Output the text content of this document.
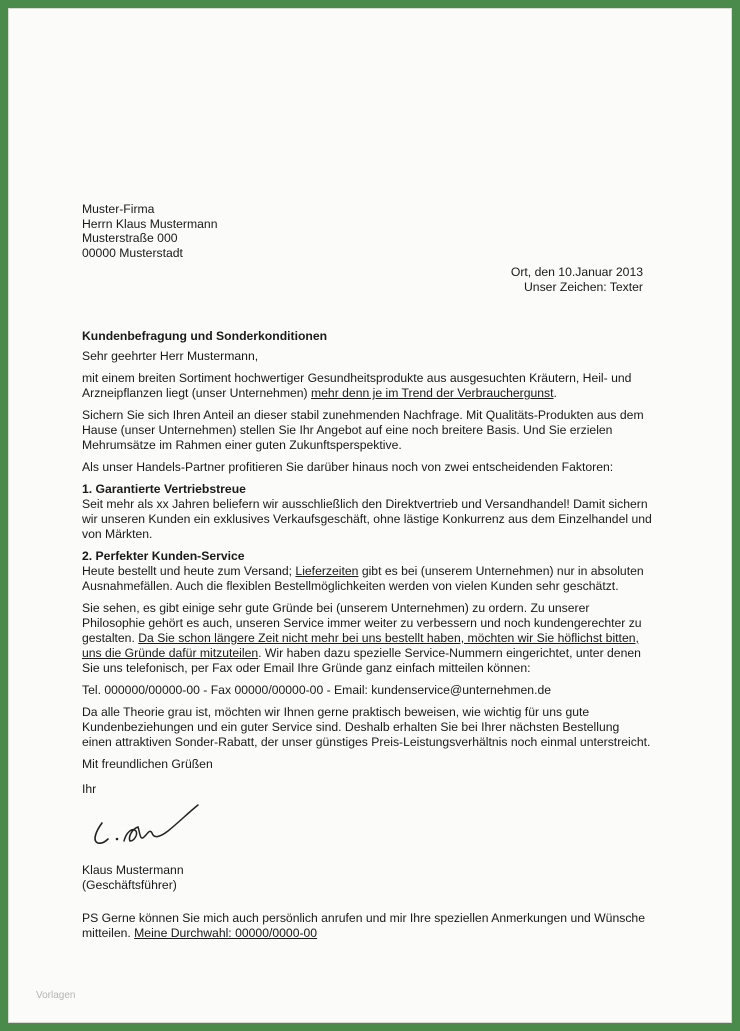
Muster-Firma
Herrn Klaus Mustermann
Musterstraße 000
00000 Musterstadt
Ort, den 10.Januar 2013
Unser Zeichen: Texter
Kundenbefragung und Sonderkonditionen
Sehr geehrter Herr Mustermann,
mit einem breiten Sortiment hochwertiger Gesundheitsprodukte aus ausgesuchten Kräutern, Heil- und Arzneipflanzen liegt (unser Unternehmen) mehr denn je im Trend der Verbrauchergunst.
Sichern Sie sich Ihren Anteil an dieser stabil zunehmenden Nachfrage. Mit Qualitäts-Produkten aus dem Hause (unser Unternehmen) stellen Sie Ihr Angebot auf eine noch breitere Basis. Und Sie erzielen Mehrumsätze im Rahmen einer guten Zukunftsperspektive.
Als unser Handels-Partner profitieren Sie darüber hinaus noch von zwei entscheidenden Faktoren:
1. Garantierte Vertriebstreue
Seit mehr als xx Jahren beliefern wir ausschließlich den Direktvertrieb und Versandhandel! Damit sichern wir unseren Kunden ein exklusives Verkaufsgeschäft, ohne lästige Konkurrenz aus dem Einzelhandel und von Märkten.
2. Perfekter Kunden-Service
Heute bestellt und heute zum Versand; Lieferzeiten gibt es bei (unserem Unternehmen) nur in absoluten Ausnahmefällen. Auch die flexiblen Bestellmöglichkeiten werden von vielen Kunden sehr geschätzt.
Sie sehen, es gibt einige sehr gute Gründe bei (unserem Unternehmen) zu ordern. Zu unserer Philosophie gehört es auch, unseren Service immer weiter zu verbessern und noch kundengerechter zu gestalten. Da Sie schon längere Zeit nicht mehr bei uns bestellt haben, möchten wir Sie höflichst bitten, uns die Gründe dafür mitzuteilen. Wir haben dazu spezielle Service-Nummern eingerichtet, unter denen Sie uns telefonisch, per Fax oder Email Ihre Gründe ganz einfach mitteilen können:
Tel. 000000/00000-00 - Fax 00000/00000-00 - Email: kundenservice@unternehmen.de
Da alle Theorie grau ist, möchten wir Ihnen gerne praktisch beweisen, wie wichtig für uns gute Kundenbeziehungen und ein guter Service sind. Deshalb erhalten Sie bei Ihrer nächsten Bestellung einen attraktiven Sonder-Rabatt, der unser günstiges Preis-Leistungsverhältnis noch einmal unterstreicht.
Mit freundlichen Grüßen
Ihr
Klaus Mustermann
(Geschäftsführer)
PS Gerne können Sie mich auch persönlich anrufen und mir Ihre speziellen Anmerkungen und Wünsche mitteilen. Meine Durchwahl: 00000/0000-00
Vorlagen
